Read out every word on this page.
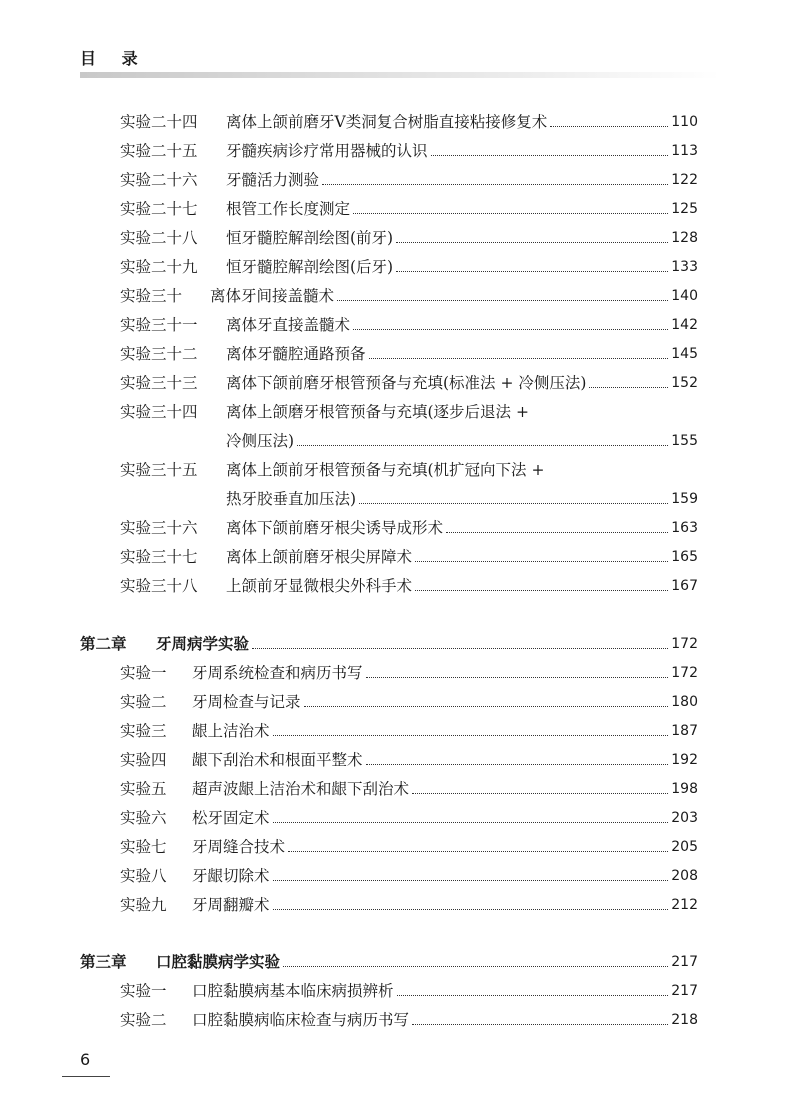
目 录
实验二十四	离体上颌前磨牙Ⅴ类洞复合树脂直接粘接修复术	110
实验二十五	牙髓疾病诊疗常用器械的认识	113
实验二十六	牙髓活力测验	122
实验二十七	根管工作长度测定	125
实验二十八	恒牙髓腔解剖绘图(前牙)	128
实验二十九	恒牙髓腔解剖绘图(后牙)	133
实验三十	离体牙间接盖髓术	140
实验三十一	离体牙直接盖髓术	142
实验三十二	离体牙髓腔通路预备	145
实验三十三	离体下颌前磨牙根管预备与充填(标准法 + 冷侧压法)	152
实验三十四	离体上颌磨牙根管预备与充填(逐步后退法 +
冷侧压法)	155
实验三十五	离体上颌前牙根管预备与充填(机扩冠向下法 +
热牙胶垂直加压法)	159
实验三十六	离体下颌前磨牙根尖诱导成形术	163
实验三十七	离体上颌前磨牙根尖屏障术	165
实验三十八	上颌前牙显微根尖外科手术	167
第二章	牙周病学实验	172
实验一	牙周系统检查和病历书写	172
实验二	牙周检查与记录	180
实验三	龈上洁治术	187
实验四	龈下刮治术和根面平整术	192
实验五	超声波龈上洁治术和龈下刮治术	198
实验六	松牙固定术	203
实验七	牙周缝合技术	205
实验八	牙龈切除术	208
实验九	牙周翻瓣术	212
第三章	口腔黏膜病学实验	217
实验一	口腔黏膜病基本临床病损辨析	217
实验二	口腔黏膜病临床检查与病历书写	218
6
